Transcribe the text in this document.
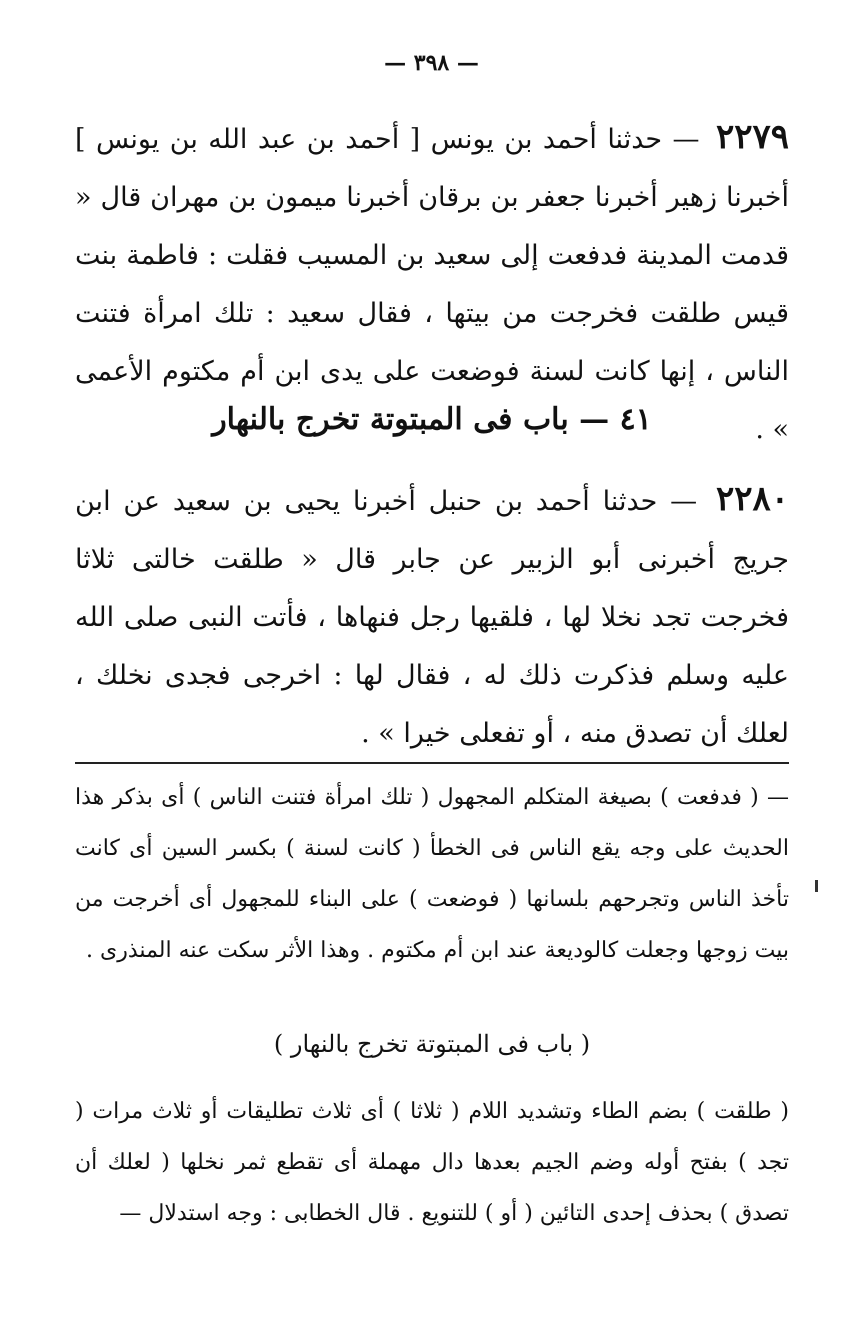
— ٣٩٨ —
٢٢٧٩ — حدثنا أحمد بن يونس [ أحمد بن عبد الله بن يونس ] أخبرنا زهير أخبرنا جعفر بن برقان أخبرنا ميمون بن مهران قال « قدمت المدينة فدفعت إلى سعيد بن المسيب فقلت : فاطمة بنت قيس طلقت فخرجت من بيتها ، فقال سعيد : تلك امرأة فتنت الناس ، إنها كانت لسنة فوضعت على يدى ابن أم مكتوم الأعمى » .
٤١ — باب فى المبتوتة تخرج بالنهار
٢٢٨٠ — حدثنا أحمد بن حنبل أخبرنا يحيى بن سعيد عن ابن جريج أخبرنى أبو الزبير عن جابر قال « طلقت خالتى ثلاثا فخرجت تجد نخلا لها ، فلقيها رجل فنهاها ، فأتت النبى صلى الله عليه وسلم فذكرت ذلك له ، فقال لها : اخرجى فجدى نخلك ، لعلك أن تصدق منه ، أو تفعلى خيرا » .
— ( فدفعت ) بصيغة المتكلم المجهول ( تلك امرأة فتنت الناس ) أى بذكر هذا الحديث على وجه يقع الناس فى الخطأ ( كانت لسنة ) بكسر السين أى كانت تأخذ الناس وتجرحهم بلسانها ( فوضعت ) على البناء للمجهول أى أخرجت من بيت زوجها وجعلت كالوديعة عند ابن أم مكتوم . وهذا الأثر سكت عنه المنذرى .
( باب فى المبتوتة تخرج بالنهار )
( طلقت ) بضم الطاء وتشديد اللام ( ثلاثا ) أى ثلاث تطليقات أو ثلاث مرات ( تجد ) بفتح أوله وضم الجيم بعدها دال مهملة أى تقطع ثمر نخلها ( لعلك أن تصدق ) بحذف إحدى التائين ( أو ) للتنويع . قال الخطابى : وجه استدلال —
